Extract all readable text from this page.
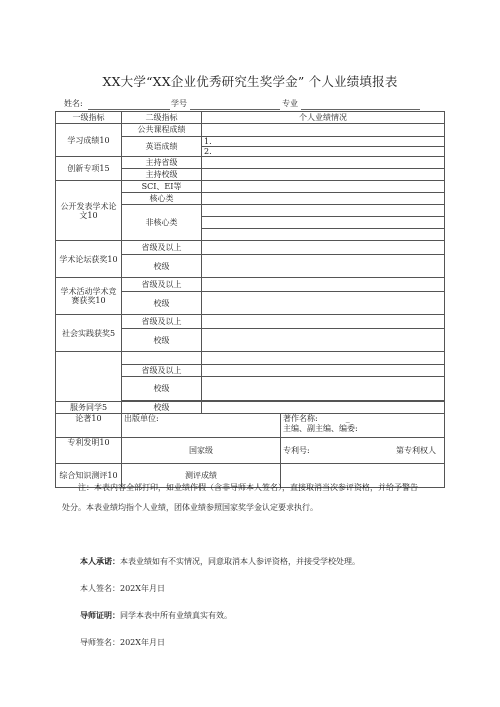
XX大学“XX企业优秀研究生奖学金” 个人业绩填报表
姓名:	学号	专业
一级指标	二级指标	个人业绩情况	
学习成绩10	公共课程成绩		
	英语成绩	1.	
		2.	
创新专项15	主持省级		
	主持校级		
公开发表学术论文10	SCI、EI等		
	核心类		
	非核心类		

学术论坛获奖10	省级及以上		
	校级		
学术活动学术竞赛获奖10	省级及以上		
	校级		
社会实践获奖5	省级及以上		
	校级		

	省级及以上		
	校级		

服务同学5	校级		
论著10	出版单位:		著作名称: _
主编、副主编、编委:

专利发明10	国家级		专利号: 第专利权人

综合知识测评10	测评成绩		

注：本表内容全部打印，如业绩作假（含非导师本人签名），直接取消当次参评资格，并给予警告处分。本表业绩均指个人业绩，团体业绩参照国家奖学金认定要求执行。

本人承诺：本表业绩如有不实情况，同意取消本人参评资格，并接受学校处理。
本人签名：202X年月日
导师证明：同学本表中所有业绩真实有效。
导师签名：202X年月日
